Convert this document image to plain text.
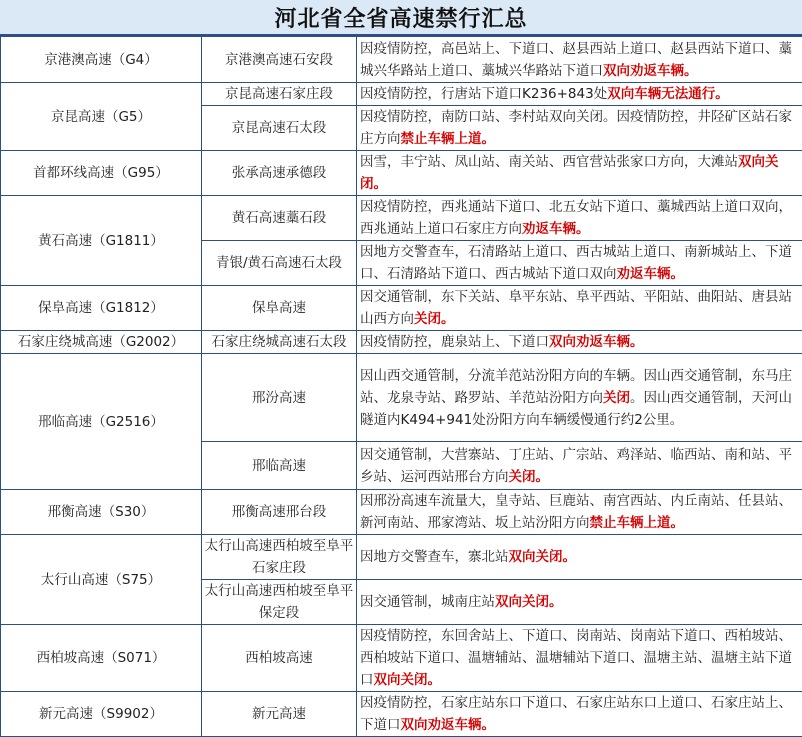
河北省全省高速禁行汇总
京港澳高速（G4）	京港澳高速石安段	因疫情防控，高邑站上、下道口、赵县西站上道口、赵县西站下道口、藁城兴华路站上道口、藁城兴华路站下道口双向劝返车辆。
京昆高速（G5）	京昆高速石家庄段	因疫情防控，行唐站下道口K236+843处双向车辆无法通行。
	京昆高速石太段	因疫情防控，南防口站、李村站双向关闭。因疫情防控，井陉矿区站石家庄方向禁止车辆上道。
首都环线高速（G95）	张承高速承德段	因雪，丰宁站、凤山站、南关站、西官营站张家口方向，大滩站双向关闭。
黄石高速（G1811）	黄石高速藁石段	因疫情防控，西兆通站下道口、北五女站下道口、藁城西站上道口双向，西兆通站上道口石家庄方向劝返车辆。
	青银/黄石高速石太段	因地方交警查车，石清路站上道口、西古城站上道口、南新城站上、下道口、石清路站下道口、西古城站下道口双向劝返车辆。
保阜高速（G1812）	保阜高速	因交通管制，东下关站、阜平东站、阜平西站、平阳站、曲阳站、唐县站山西方向关闭。
石家庄绕城高速（G2002）	石家庄绕城高速石太段	因疫情防控，鹿泉站上、下道口双向劝返车辆。
邢临高速（G2516）	邢汾高速	因山西交通管制，分流羊范站汾阳方向的车辆。因山西交通管制，东马庄站、龙泉寺站、路罗站、羊范站汾阳方向关闭。因山西交通管制，天河山隧道内K494+941处汾阳方向车辆缓慢通行约2公里。
	邢临高速	因交通管制，大营寨站、丁庄站、广宗站、鸡泽站、临西站、南和站、平乡站、运河西站邢台方向关闭。
邢衡高速（S30）	邢衡高速邢台段	因邢汾高速车流量大，皇寺站、巨鹿站、南宫西站、内丘南站、任县站、新河南站、邢家湾站、坂上站汾阳方向禁止车辆上道。
太行山高速（S75）	太行山高速西柏坡至阜平石家庄段	因地方交警查车，寨北站双向关闭。
	太行山高速西柏坡至阜平保定段	因交通管制，城南庄站双向关闭。
西柏坡高速（S071）	西柏坡高速	因疫情防控，东回舍站上、下道口、岗南站、岗南站下道口、西柏坡站、西柏坡站下道口、温塘辅站、温塘辅站下道口、温塘主站、温塘主站下道口双向关闭。
新元高速（S9902）	新元高速	因疫情防控，石家庄站东口下道口、石家庄站东口上道口、石家庄站上、下道口双向劝返车辆。
